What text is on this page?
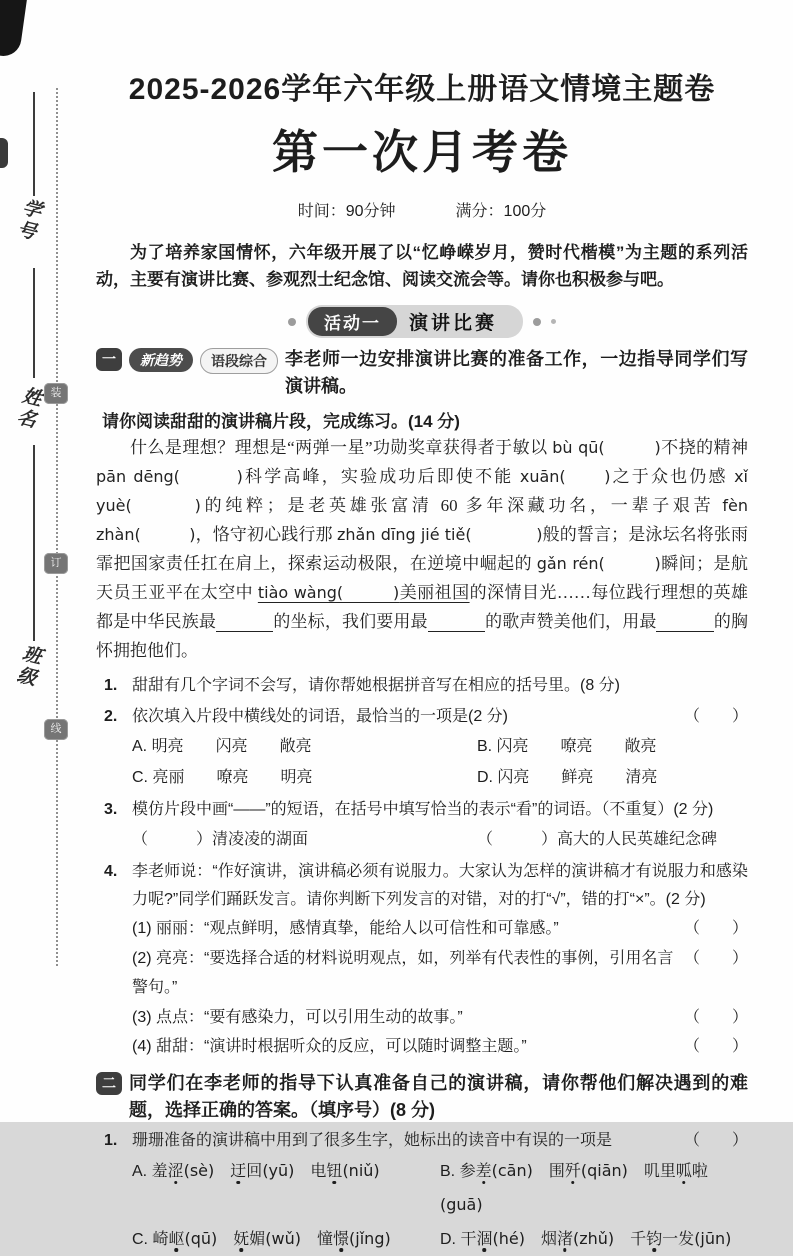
学号
姓名
班级
装
订
线
2025-2026学年六年级上册语文情境主题卷
第一次月考卷
时间：90分钟	满分：100分

为了培养家国情怀，六年级开展了以“忆峥嵘岁月，赞时代楷模”为主题的系列活动，主要有演讲比赛、参观烈士纪念馆、阅读交流会等。请你也积极参与吧。

活动一	演讲比赛
一	新趋势	语段综合	李老师一边安排演讲比赛的准备工作，一边指导同学们写演讲稿。

请你阅读甜甜的演讲稿片段，完成练习。(14 分)

什么是理想？理想是“两弹一星”功勋奖章获得者于敏以 bù qū(　　　)不挠的精神 pān dēng(　　　)科学高峰，实验成功后即使不能 xuān(　　)之于众也仍感 xǐ yuè(　　　)的纯粹；是老英雄张富清 60 多年深藏功名，一辈子艰苦 fèn zhàn(　　　)，恪守初心践行那 zhǎn dīng jié tiě(　　　　)般的誓言；是泳坛名将张雨霏把国家责任扛在肩上，探索运动极限，在逆境中崛起的 gǎn rén(　　　)瞬间；是航天员王亚平在太空中 tiào wàng(　　　)美丽祖国的深情目光……每位践行理想的英雄都是中华民族最　　　	的坐标，我们要用最　　　	的歌声赞美他们，用最　　　	的胸怀拥抱他们。

1. 甜甜有几个字词不会写，请你帮她根据拼音写在相应的括号里。(8 分)
2. 依次填入片段中横线处的词语，最恰当的一项是(2 分)	（　　）
A. 明亮　　闪亮　　敞亮	B. 闪亮　　嘹亮　　敞亮
C. 亮丽　　嘹亮　　明亮	D. 闪亮　　鲜亮　　清亮
3. 模仿片段中画“——”的短语，在括号中填写恰当的表示“看”的词语。（不重复）(2 分)
（　　　）清凌凌的湖面	（　　　）高大的人民英雄纪念碑
4. 李老师说：“作好演讲，演讲稿必须有说服力。大家认为怎样的演讲稿才有说服力和感染力呢?”同学们踊跃发言。请你判断下列发言的对错，对的打“√”，错的打“×”。(2 分)
(1) 丽丽：“观点鲜明，感情真挚，能给人以可信性和可靠感。”	（　　）
(2) 亮亮：“要选择合适的材料说明观点，如，列举有代表性的事例，引用名言警句。”
（　　）
(3) 点点：“要有感染力，可以引用生动的故事。”	（　　）
(4) 甜甜：“演讲时根据听众的反应，可以随时调整主题。”	（　　）
二 同学们在李老师的指导下认真准备自己的演讲稿，请你帮他们解决遇到的难题，选择正确的答案。（填序号）(8 分)
1. 珊珊准备的演讲稿中用到了很多生字，她标出的读音中有误的一项是	（　　）
A. 羞涩(sè)　 迂回(yū)　电钮(niǔ)	B. 参差(cān)　围歼(qiān)　叽里呱啦(guā)
C. 崎岖(qū)　 妩媚(wǔ)　憧憬(jǐng)	D. 干涸(hé)　烟渚(zhǔ)　千钧一发(jūn)
